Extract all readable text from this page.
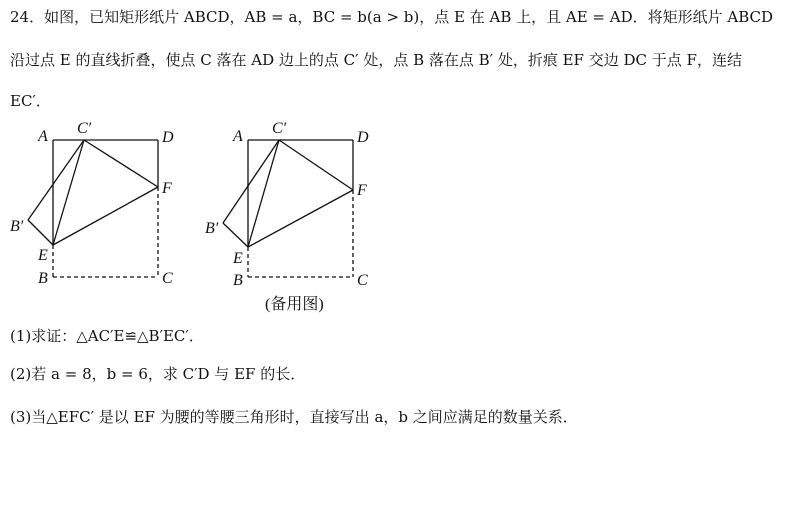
24．如图，已知矩形纸片 ABCD，AB = a，BC = b(a > b)，点 E 在 AB 上，且 AE = AD．将矩形纸片 ABCD
沿过点 E 的直线折叠，使点 C 落在 AD 边上的点 C′ 处，点 B 落在点 B′ 处，折痕 EF 交边 DC 于点 F，连结
EC′．
A C′
D
F
B′
E
B	C
A C′
D
F
B′
E
B	C
(备用图)
(1)求证：△AC′E≌△B′EC′．
(2)若 a = 8，b = 6，求 C′D 与 EF 的长．
(3)当△EFC′ 是以 EF 为腰的等腰三角形时，直接写出 a，b 之间应满足的数量关系．
